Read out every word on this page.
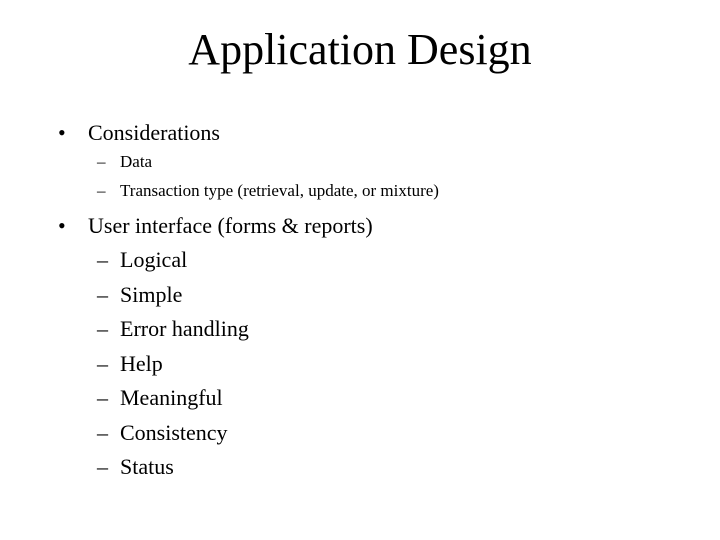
Application Design
• Considerations
– Data
– Transaction type (retrieval, update, or mixture)
• User interface (forms & reports)
– Logical
– Simple
– Error handling
– Help
– Meaningful
– Consistency
– Status
